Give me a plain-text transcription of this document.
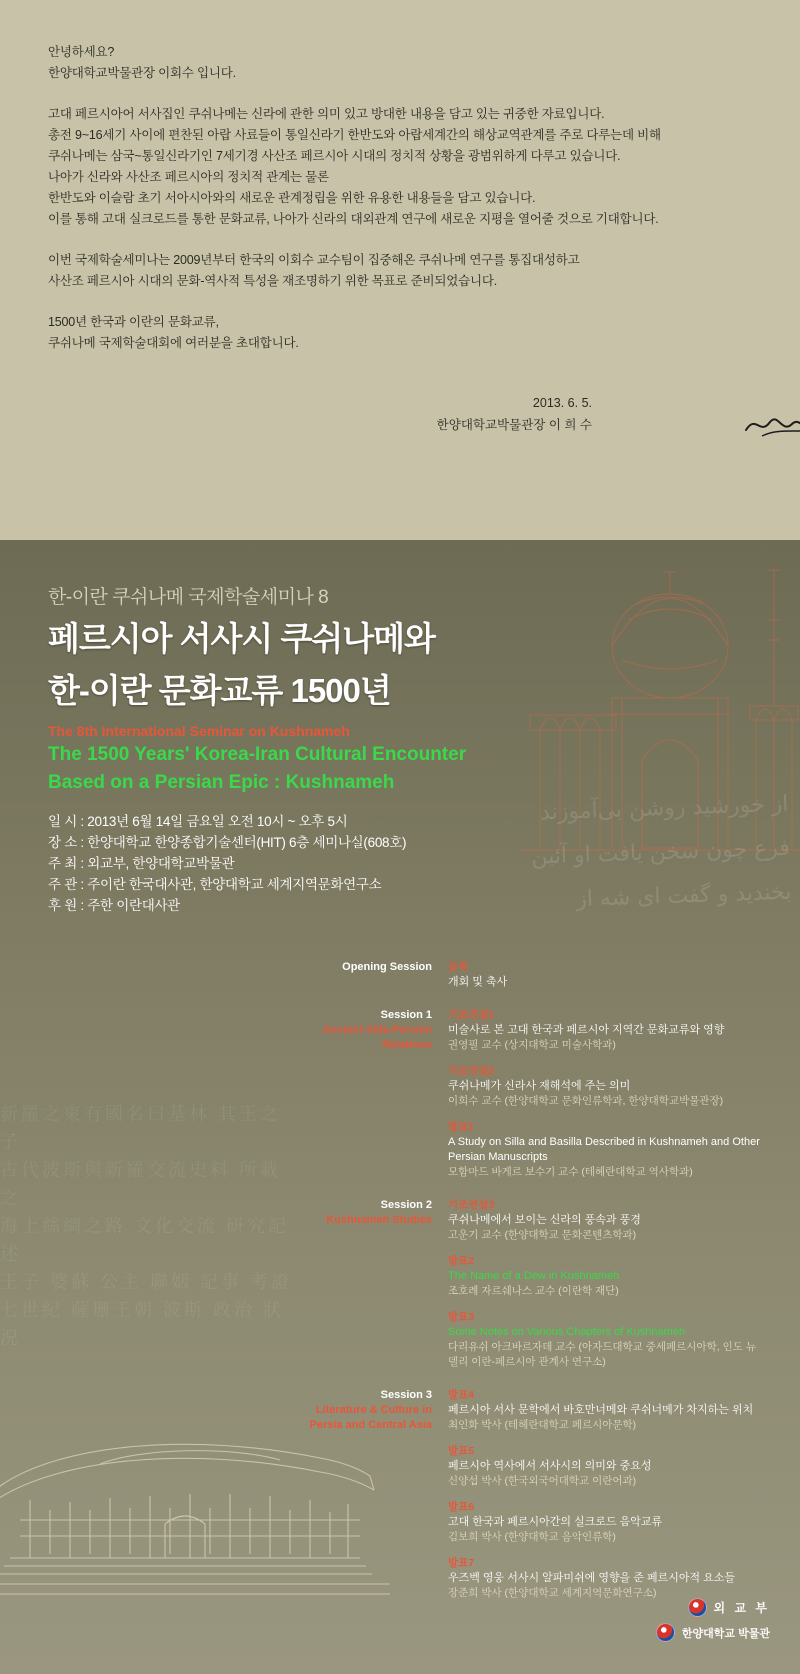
안녕하세요?

한양대학교박물관장 이회수 입니다.

고대 페르시아어 서사집인 쿠쉬나메는 신라에 관한 의미 있고 방대한 내용을 담고 있는 귀중한 자료입니다.

총전 9~16세기 사이에 편찬된 아랍 사료들이 통일신라기 한반도와 아랍세계간의 해상교역관계를 주로 다루는데 비해

쿠쉬나메는 삼국~통일신라기인 7세기경 사산조 페르시아 시대의 정치적 상황을 광범위하게 다루고 있습니다.

나아가 신라와 사산조 페르시아의 정치적 관계는 물론

한반도와 이슬람 초기 서아시아와의 새로운 관계정립을 위한 유용한 내용들을 담고 있습니다.

이를 통해 고대 실크로드를 통한 문화교류, 나아가 신라의 대외관계 연구에 새로운 지평을 열어줄 것으로 기대합니다.

이번 국제학술세미나는 2009년부터 한국의 이회수 교수팀이 집중해온 쿠쉬나메 연구를 통집대성하고

사산조 페르시아 시대의 문화-역사적 특성을 재조명하기 위한 목표로 준비되었습니다.

1500년 한국과 이란의 문화교류,

쿠쉬나메 국제학술대회에 여러분을 초대합니다.

2013. 6. 5.
한양대학교박물관장 이 희 수
از خورشید روشن بی‌آموزند
فرع چون سخن یافت او آئین
بخندید و گفت ای شه از
新羅之東有國名曰基林 其王之子
古代波斯與新羅交流史料 所載之
海上絲綢之路 文化交流 研究記述
王子 婆蘇 公主 聯姻 記事 考證
七世紀 薩珊王朝 波斯 政治 狀況
한-이란 쿠쉬나메 국제학술세미나 8
페르시아 서사시 쿠쉬나메와
한-이란 문화교류 1500년
The 8th International Seminar on Kushnameh
The 1500 Years' Korea-Iran Cultural Encounter
Based on a Persian Epic : Kushnameh
일 시 : 2013년 6월 14일 금요일 오전 10시 ~ 오후 5시
장 소 : 한양대학교 한양종합기술센터(HIT) 6층 세미나실(608호)
주 최 : 외교부, 한양대학교박물관
주 관 : 주이란 한국대사관, 한양대학교 세계지역문화연구소
후 원 : 주한 이란대사관
Opening Session 등록
개회 및 축사
Session 1
Ancient Silla-Persian Relations
기조연설1
미술사로 본 고대 한국과 페르시아 지역간 문화교류와 영향
권영필 교수 (상지대학교 미술사학과)
기조연설2
쿠쉬나메가 신라사 재해석에 주는 의미
이희수 교수 (한양대학교 문화인류학과, 한양대학교박물관장)
발표1
A Study on Silla and Basilla Described in Kushnameh and Other Persian Manuscripts
모함마드 바게르 보수기 교수 (테헤란대학교 역사학과)
Session 2
Kushnameh Studies
기조연설3
쿠쉬나메에서 보이는 신라의 풍속과 풍경
고운기 교수 (한양대학교 문화콘텐츠학과)
발표2
The Name of a Dew in Kushnameh
조호례 자르쉐나스 교수 (이란학 재단)
발표3
Some Notes on Various Chapters of Kushnameh
다리유쉬 아크바르자데 교수 (아자드대학교 중세페르시아학, 인도 뉴델리 이란-페르시아 관계사 연구소)
Session 3
Literature & Culture in Persia and Central Asia
발표4
페르시아 서사 문학에서 바호만너메와 쿠쉬너메가 차지하는 위치
최인화 박사 (테헤란대학교 페르시아문학)
발표5
페르시아 역사에서 서사시의 의미와 중요성
신양섭 박사 (한국외국어대학교 이란어과)
발표6
고대 한국과 페르시아간의 실크로드 음악교류
김보희 박사 (한양대학교 음악인류학)
발표7
우즈벡 영웅 서사시 알파미쉬에 영향을 준 페르시아적 요소들
장준희 박사 (한양대학교 세계지역문화연구소)
외 교 부
한양대학교 박물관
